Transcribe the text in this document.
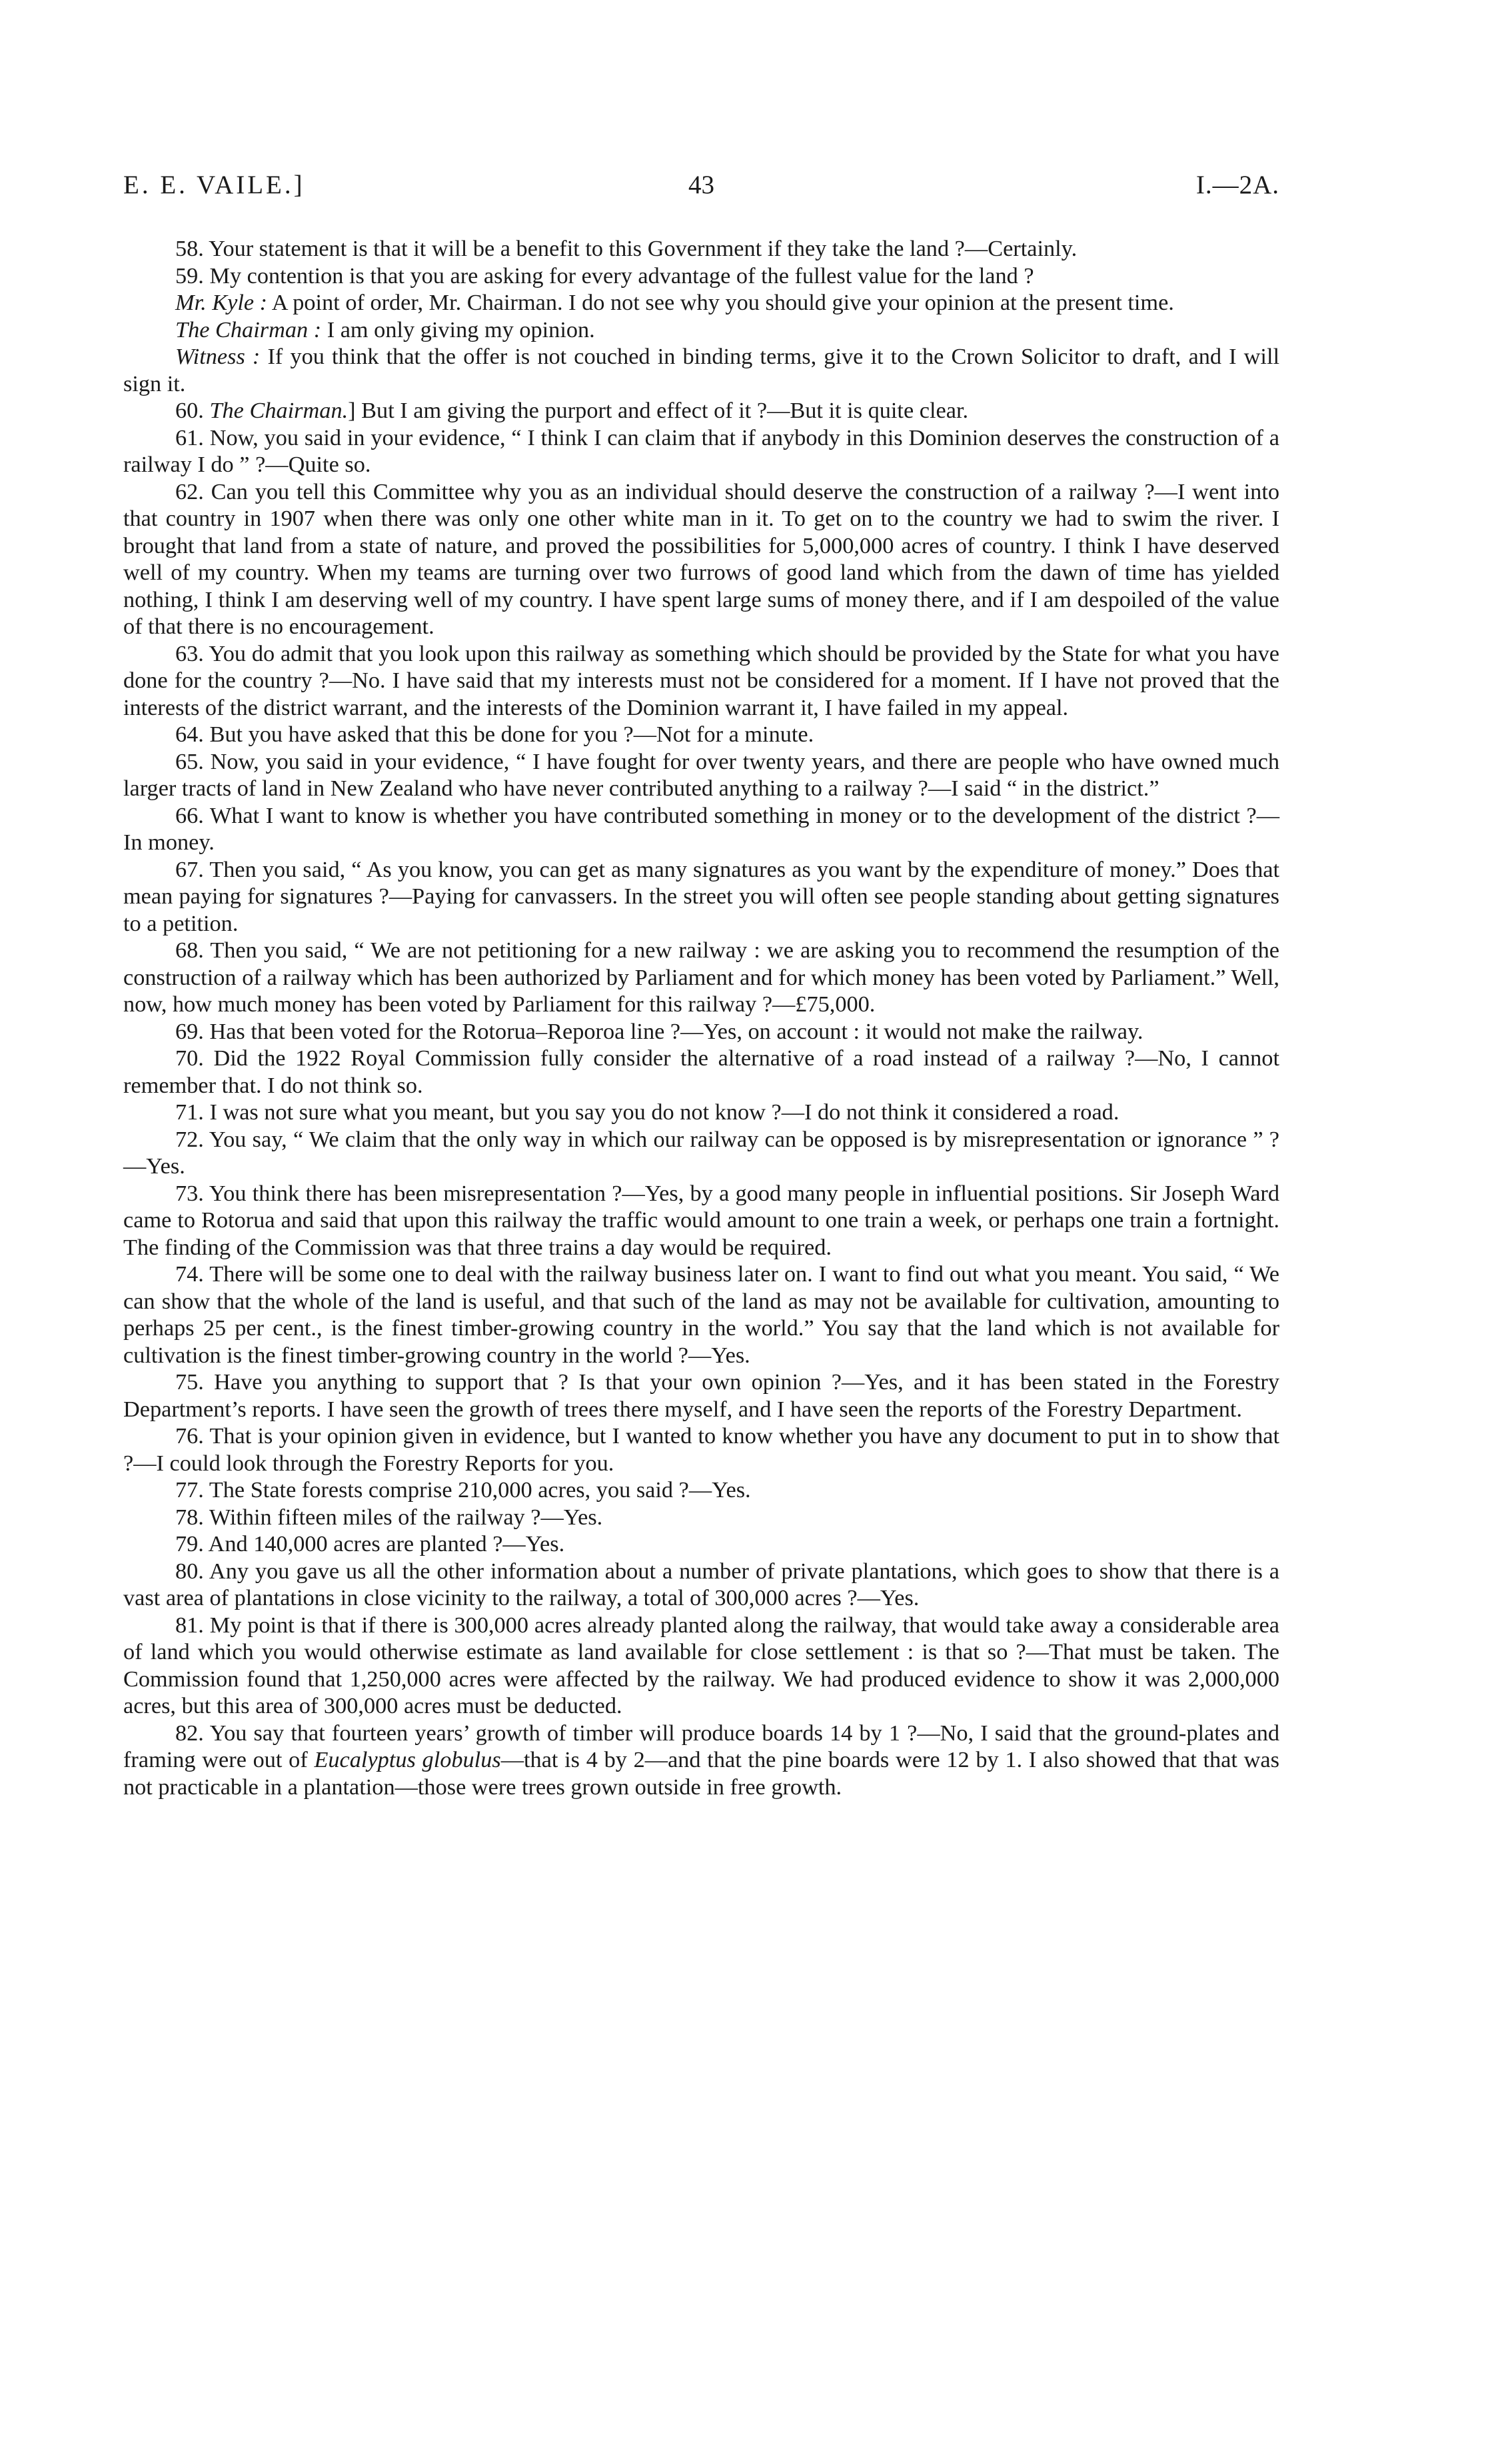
E. E. VAILE.]	43	I.—2A.

58. Your statement is that it will be a benefit to this Government if they take the land ?—Certainly.

59. My contention is that you are asking for every advantage of the fullest value for the land ?

Mr. Kyle : A point of order, Mr. Chairman. I do not see why you should give your opinion at the present time.

The Chairman : I am only giving my opinion.

Witness : If you think that the offer is not couched in binding terms, give it to the Crown Solicitor to draft, and I will sign it.

60. The Chairman.] But I am giving the purport and effect of it ?—But it is quite clear.

61. Now, you said in your evidence, “ I think I can claim that if anybody in this Dominion deserves the construction of a railway I do ” ?—Quite so.

62. Can you tell this Committee why you as an individual should deserve the construction of a railway ?—I went into that country in 1907 when there was only one other white man in it. To get on to the country we had to swim the river. I brought that land from a state of nature, and proved the possibilities for 5,000,000 acres of country. I think I have deserved well of my country. When my teams are turning over two furrows of good land which from the dawn of time has yielded nothing, I think I am deserving well of my country. I have spent large sums of money there, and if I am despoiled of the value of that there is no encouragement.

63. You do admit that you look upon this railway as something which should be provided by the State for what you have done for the country ?—No. I have said that my interests must not be considered for a moment. If I have not proved that the interests of the district warrant, and the interests of the Dominion warrant it, I have failed in my appeal.

64. But you have asked that this be done for you ?—Not for a minute.

65. Now, you said in your evidence, “ I have fought for over twenty years, and there are people who have owned much larger tracts of land in New Zealand who have never contributed anything to a railway ?—I said “ in the district.”

66. What I want to know is whether you have contributed something in money or to the development of the district ?—In money.

67. Then you said, “ As you know, you can get as many signatures as you want by the expenditure of money.” Does that mean paying for signatures ?—Paying for canvassers. In the street you will often see people standing about getting signatures to a petition.

68. Then you said, “ We are not petitioning for a new railway : we are asking you to recommend the resumption of the construction of a railway which has been authorized by Parliament and for which money has been voted by Parliament.” Well, now, how much money has been voted by Parliament for this railway ?—£75,000.

69. Has that been voted for the Rotorua–Reporoa line ?—Yes, on account : it would not make the railway.

70. Did the 1922 Royal Commission fully consider the alternative of a road instead of a railway ?—No, I cannot remember that. I do not think so.

71. I was not sure what you meant, but you say you do not know ?—I do not think it considered a road.

72. You say, “ We claim that the only way in which our railway can be opposed is by misrepresentation or ignorance ” ?—Yes.

73. You think there has been misrepresentation ?—Yes, by a good many people in influential positions. Sir Joseph Ward came to Rotorua and said that upon this railway the traffic would amount to one train a week, or perhaps one train a fortnight. The finding of the Commission was that three trains a day would be required.

74. There will be some one to deal with the railway business later on. I want to find out what you meant. You said, “ We can show that the whole of the land is useful, and that such of the land as may not be available for cultivation, amounting to perhaps 25 per cent., is the finest timber-growing country in the world.” You say that the land which is not available for cultivation is the finest timber-growing country in the world ?—Yes.

75. Have you anything to support that ? Is that your own opinion ?—Yes, and it has been stated in the Forestry Department’s reports. I have seen the growth of trees there myself, and I have seen the reports of the Forestry Department.

76. That is your opinion given in evidence, but I wanted to know whether you have any document to put in to show that ?—I could look through the Forestry Reports for you.

77. The State forests comprise 210,000 acres, you said ?—Yes.

78. Within fifteen miles of the railway ?—Yes.

79. And 140,000 acres are planted ?—Yes.

80. Any you gave us all the other information about a number of private plantations, which goes to show that there is a vast area of plantations in close vicinity to the railway, a total of 300,000 acres ?—Yes.

81. My point is that if there is 300,000 acres already planted along the railway, that would take away a considerable area of land which you would otherwise estimate as land available for close settlement : is that so ?—That must be taken. The Commission found that 1,250,000 acres were affected by the railway. We had produced evidence to show it was 2,000,000 acres, but this area of 300,000 acres must be deducted.

82. You say that fourteen years’ growth of timber will produce boards 14 by 1 ?—No, I said that the ground-plates and framing were out of Eucalyptus globulus—that is 4 by 2—and that the pine boards were 12 by 1. I also showed that that was not practicable in a plantation—those were trees grown outside in free growth.
